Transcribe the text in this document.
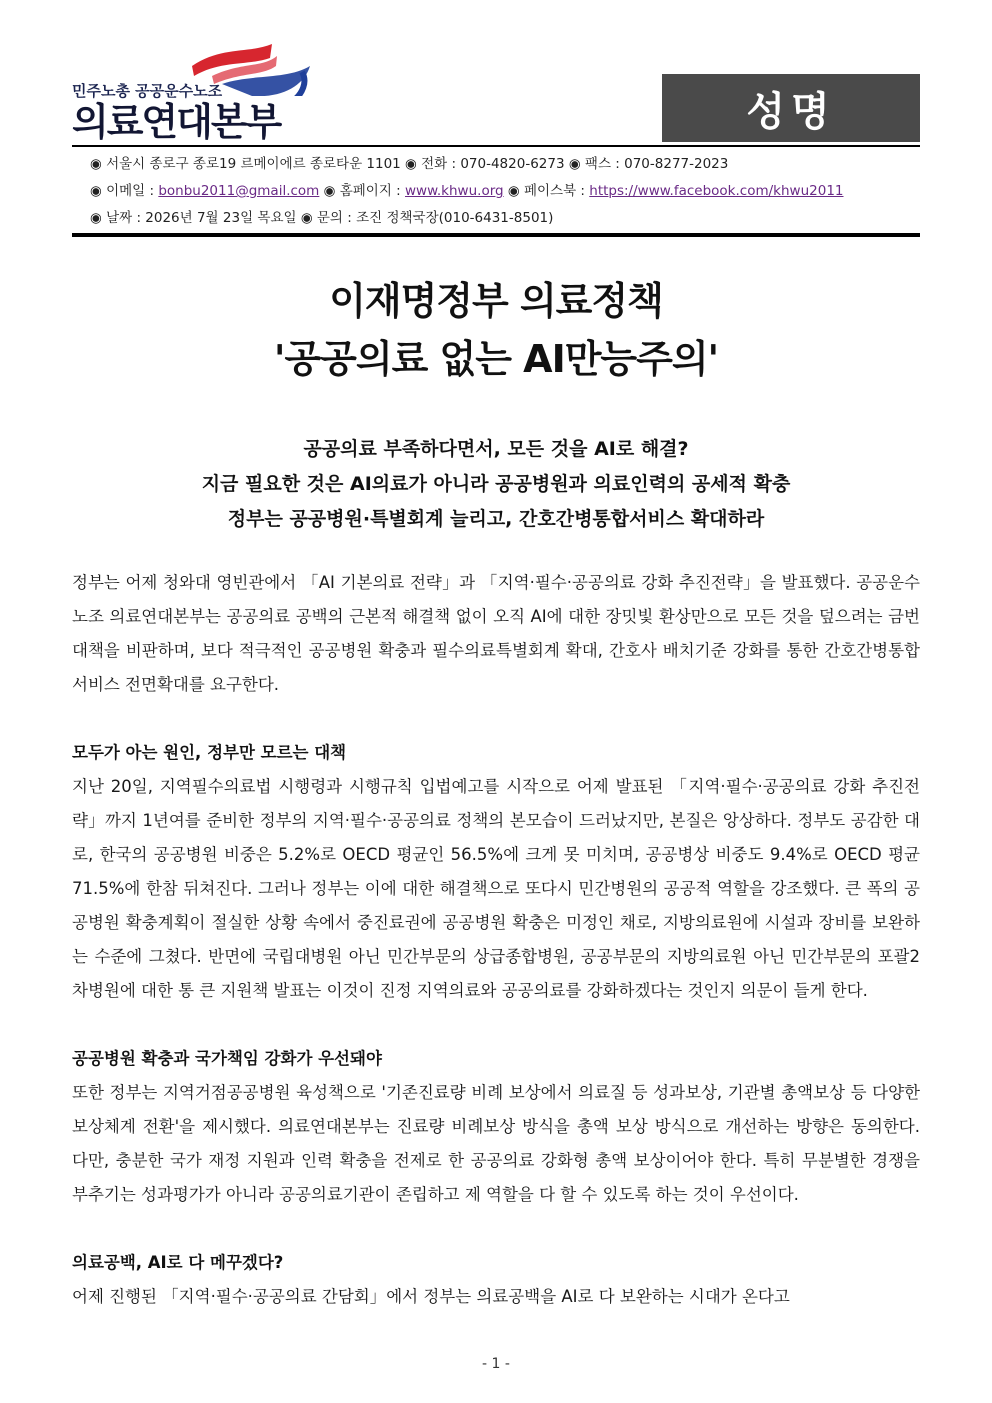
민주노총 공공운수노조
의료연대본부	성명
◉ 서울시 종로구 종로19 르메이에르 종로타운 1101 ◉ 전화 : 070-4820-6273 ◉ 팩스 : 070-8277-2023
◉ 이메일 : bonbu2011@gmail.com ◉ 홈페이지 : www.khwu.org ◉ 페이스북 : https://www.facebook.com/khwu2011
◉ 날짜 : 2026년 7월 23일 목요일 ◉ 문의 : 조진 정책국장(010-6431-8501)
이재명정부 의료정책
'공공의료 없는 AI만능주의'
공공의료 부족하다면서, 모든 것을 AI로 해결?
지금 필요한 것은 AI의료가 아니라 공공병원과 의료인력의 공세적 확충
정부는 공공병원·특별회계 늘리고, 간호간병통합서비스 확대하라

정부는 어제 청와대 영빈관에서 「AI 기본의료 전략」과 「지역·필수·공공의료 강화 추진전략」을 발표했다. 공공운수노조 의료연대본부는 공공의료 공백의 근본적 해결책 없이 오직 AI에 대한 장밋빛 환상만으로 모든 것을 덮으려는 금번 대책을 비판하며, 보다 적극적인 공공병원 확충과 필수의료특별회계 확대, 간호사 배치기준 강화를 통한 간호간병통합서비스 전면확대를 요구한다.

모두가 아는 원인, 정부만 모르는 대책

지난 20일, 지역필수의료법 시행령과 시행규칙 입법예고를 시작으로 어제 발표된 「지역·필수·공공의료 강화 추진전략」까지 1년여를 준비한 정부의 지역·필수·공공의료 정책의 본모습이 드러났지만, 본질은 앙상하다. 정부도 공감한 대로, 한국의 공공병원 비중은 5.2%로 OECD 평균인 56.5%에 크게 못 미치며, 공공병상 비중도 9.4%로 OECD 평균 71.5%에 한참 뒤쳐진다. 그러나 정부는 이에 대한 해결책으로 또다시 민간병원의 공공적 역할을 강조했다. 큰 폭의 공공병원 확충계획이 절실한 상황 속에서 중진료권에 공공병원 확충은 미정인 채로, 지방의료원에 시설과 장비를 보완하는 수준에 그쳤다. 반면에 국립대병원 아닌 민간부문의 상급종합병원, 공공부문의 지방의료원 아닌 민간부문의 포괄2차병원에 대한 통 큰 지원책 발표는 이것이 진정 지역의료와 공공의료를 강화하겠다는 것인지 의문이 들게 한다.

공공병원 확충과 국가책임 강화가 우선돼야

또한 정부는 지역거점공공병원 육성책으로 '기존진료량 비례 보상에서 의료질 등 성과보상, 기관별 총액보상 등 다양한 보상체계 전환'을 제시했다. 의료연대본부는 진료량 비례보상 방식을 총액 보상 방식으로 개선하는 방향은 동의한다. 다만, 충분한 국가 재정 지원과 인력 확충을 전제로 한 공공의료 강화형 총액 보상이어야 한다. 특히 무분별한 경쟁을 부추기는 성과평가가 아니라 공공의료기관이 존립하고 제 역할을 다 할 수 있도록 하는 것이 우선이다.

의료공백, AI로 다 메꾸겠다?

어제 진행된 「지역·필수·공공의료 간담회」에서 정부는 의료공백을 AI로 다 보완하는 시대가 온다고

- 1 -
